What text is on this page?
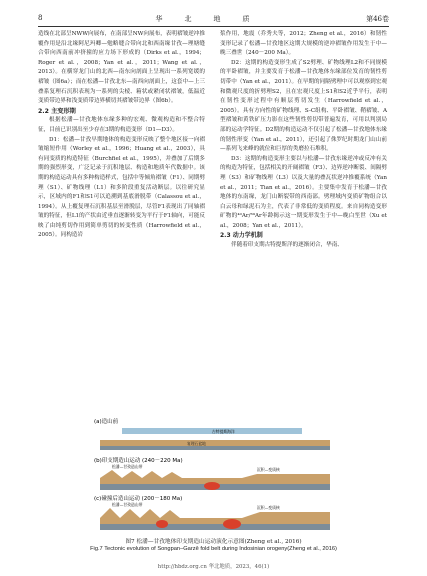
8	华北地质	第46卷

造线在北部呈NWW向展布，在南部呈NW向展布，表明褶皱逆冲推覆作用是沿北缘阿尼玛卿—勉略缝合带向北和西南缘甘孜—理塘缝合带向西南前冲挤撞的应力场下形成的（Dirks et al.，1994；Roger et al.，2008；Yan et al.，2011；Wang et al.，2013）。在横穿龙门山的北西—南东向剖面上呈现出一系列宽缓的褶皱（图6a）；而在松潘—甘孜北东—南西向剖面上，这套中—上三叠系复理石沉积表现为一系列的尖棱、箱状或紧闭状褶皱，低温近变质带边界和浅变质带边界横切其褶皱带边界（图6b）。

2.2 主变形期

根据松潘—甘孜地体东缘多种的宏观、微观构造和不整合特征，目前已识别出至少存在3期的构造变形（D1—D3）。

D1：松潘—甘孜早期地体的构造变形反映了整个地区接一向褶皱缩短作用（Worley et al.，1996；Huang et al.，2003），具有同变质的构造特征（Burchfiel et al.，1995），并叠加了后期多期的强烈形变，广泛记录于沉积地层、构造和地质年代数据中。该期的构造运动具有多种构造样式，包括中等倾角褶皱（F1）、同期劈理（S1）、矿物线理（L1）和多阶段重复活动断层。以往研究显示，区域内的F1和S1可以追溯到基底滑脱带（Calassou et al.，1994）。从上覆复理石沉积基层至滑脱层，尽管F1表现出了同轴褶皱的特征，但L1的产状由近垂直逐渐转变为平行于F1轴向，可能反映了由纯剪切作用到简单剪切的转变性质（Harrowfield et al.，2005）。同构造岩

浆作用，地震（乔秀夫等，2012；Zheng et al.，2016）和韧性变形记录了松潘—甘孜地区这期大规模的逆冲褶皱作用发生于中—晚三叠世（240－200 Ma）。

D2：这期的构造变形生成了S2劈理、矿物线理L2和不同规模的平卧褶皱，并主要发育于松潘—甘孜地体东缘部位发育的韧性剪切带中（Yan et al.，2011）。在早期的同隔劈理中可以观察到宏观和微观尺度的折劈理S2，且在宏观尺度上S1和S2近乎平行，表明在韧性变形过程中有顺层剪切发生（Harrowfield et al.，2005）。具有方向性的矿物线理、S-C组构、平卧褶皱、鞘褶皱、A型褶皱和黄铁矿压力影在这些韧性剪切带普遍发育，可用以判别局部的运动学特征。D2期的构造运动不仅引起了松潘—甘孜地体东缘的韧性形变（Yan et al.，2011），还引起了侏罗纪时期龙门山山前—系列飞来峰的就位和巨厚的类磨拉石堆积。

D3：这期的构造变形主要以与松潘—甘孜东缘逆冲或反冲有关的构造为特征，包括相关的开阔褶皱（F3）、边界逆冲断裂、间隔劈理（S3）和矿物线理（L3）以及大量的叠瓦状逆冲推覆系统（Yan et al.，2011；Tian et al.，2016）。主要集中发育于松潘—甘孜地体的东南缘，龙门山断裂带的西南部。劈理域内变质矿物组合以白云母和绿泥石为主，代表了非常低的变质程度。来自同构造变形矿物的⁴⁰Ar/³⁹Ar年龄揭示这一期变形发生于中—晚白垩世（Xu et al.，2008；Yan et al.，2011）。

2.3 动力学机制

伴随着印支期古特提斯洋的逐渐闭合，华南、

(a)造山前
古特提斯海洋
复理石盆地
(b)印支期造山运动 (240－220 Ma)
松潘—甘孜造山带
沉积—变质核
(c)碰撞后造山运动 (200－180 Ma)
松潘—甘孜造山带
沉积—变质核
图7 松潘—甘孜地体印支期造山运动演化示意图(Zheng et al., 2016)
Fig.7 Tectonic evolution of Songpan–Garzê fold belt during Indosinian orogeny(Zheng et al., 2016)
http://hbdz.org.cn 华北地质，2023，46(1)
